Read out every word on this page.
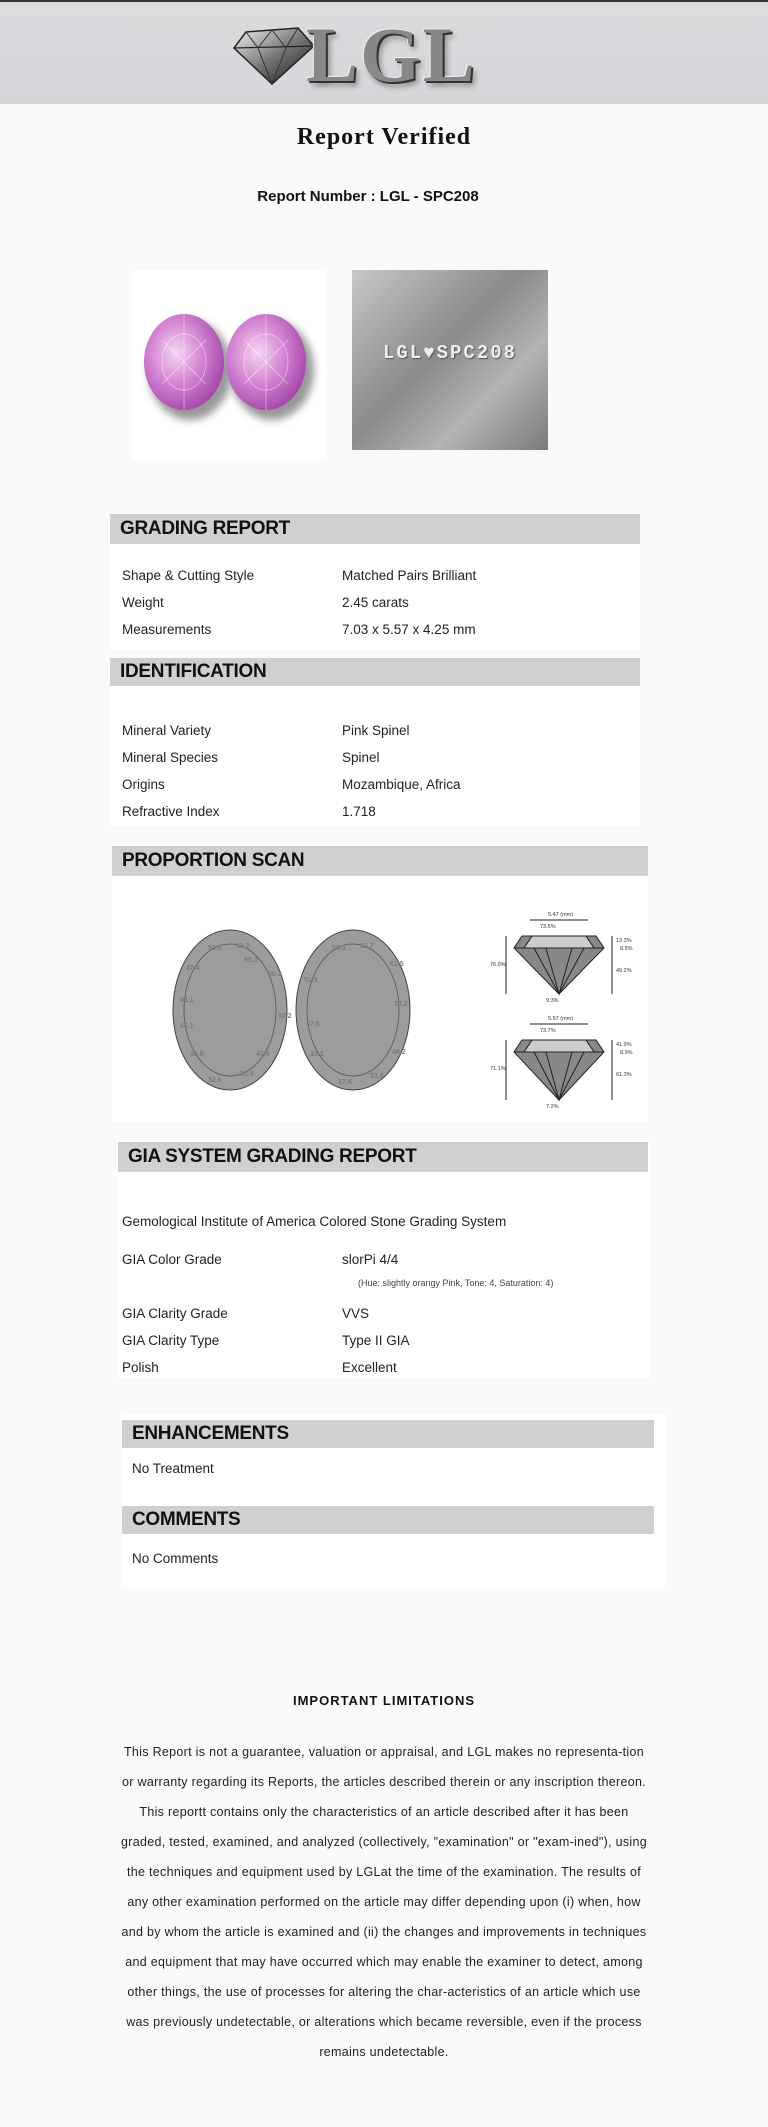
LGL
Report Verified
Report Number : LGL - SPC208
LGL♥SPC208
GRADING REPORT
Shape & Cutting Style	Matched Pairs Brilliant
Weight	2.45 carats
Measurements	7.03 x 5.57 x 4.25 mm
IDENTIFICATION
Mineral Variety	Pink Spinel
Mineral Species	Spinel
Origins	Mozambique, Africa
Refractive Index	1.718
PROPORTION SCAN
59.6 63.2
59.3
47.4
30.2
46.1
46.1
52.2
30.6
32.6
31.4
43.6
58.3 62.7
61.5
51.5
38.2
47.6
33.1
37.4
53.6
48.2
5.47 (mm)
73.5%
76.0%
13.3%
8.5%
49.2%
9.3%
5.57 (mm)
73.7%
71.1%
41.9%
8.9%
61.3%
7.2%
GIA SYSTEM GRADING REPORT
Gemological Institute of America Colored Stone Grading System
GIA Color Grade	slorPi 4/4
(Hue: slightly orangy Pink, Tone: 4, Saturation: 4)
GIA Clarity Grade	VVS
GIA Clarity Type	Type II GIA
Polish	Excellent
ENHANCEMENTS
No Treatment
COMMENTS
No Comments
IMPORTANT LIMITATIONS
This Report is not a guarantee, valuation or appraisal, and LGL makes no representa-tion or warranty regarding its Reports, the articles described therein or any inscription thereon. This reportt contains only the characteristics of an article described after it has been graded, tested, examined, and analyzed (collectively, "examination" or "exam-ined"), using the techniques and equipment used by LGLat the time of the examination. The results of any other examination performed on the article may differ depending upon (i) when, how and by whom the article is examined and (ii) the changes and improvements in techniques and equipment that may have occurred which may enable the examiner to detect, among other things, the use of processes for altering the char-acteristics of an article which use was previously undetectable, or alterations which became reversible, even if the process remains undetectable.
